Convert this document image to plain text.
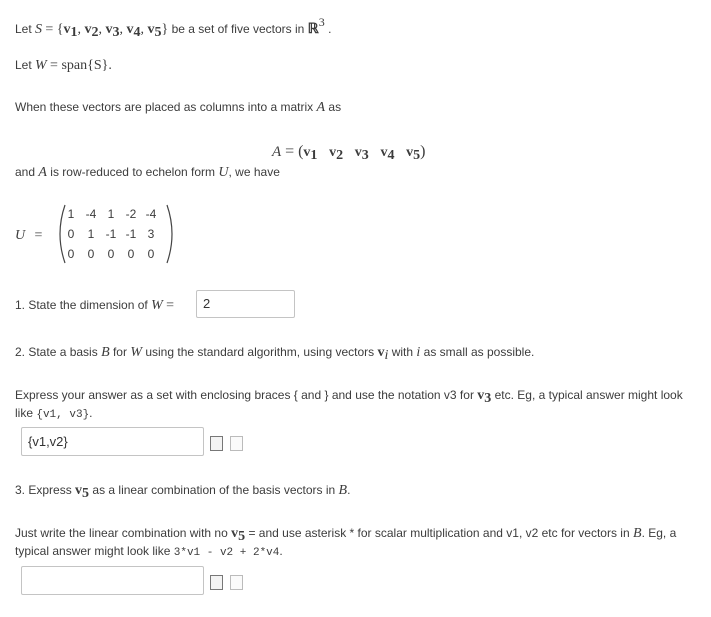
Let $S = \{v_1$, $v_2$, $v_3$, $v_4$, $v_5$} be a set of five vectors in ℝ$^3$ .
Let W = span{S}.
When these vectors are placed as columns into a matrix A as
$A = (v_1$ $v_2$ $v_3$ $v_4$ $v_5$)
and A is row-reduced to echelon form U, we have
U =
1 -4 1 -2 -4
0	1 -1 -1 3
0	0	0	0	0
1. State the dimension of W =	2
2. State a basis B for W using the standard algorithm, using vectors $v_i$ with i as small as possible.
Express your answer as a set with enclosing braces { and } and use the notation v3 for $v_3$ etc. Eg, a typical answer might look
like {v1, v3}.
{v1,v2}
3. Express $v_5$ as a linear combination of the basis vectors in B.
Just write the linear combination with no $v_5$ = and use asterisk * for scalar multiplication and v1, v2 etc for vectors in B. Eg, a
typical answer might look like 3*v1 - v2 + 2*v4.
